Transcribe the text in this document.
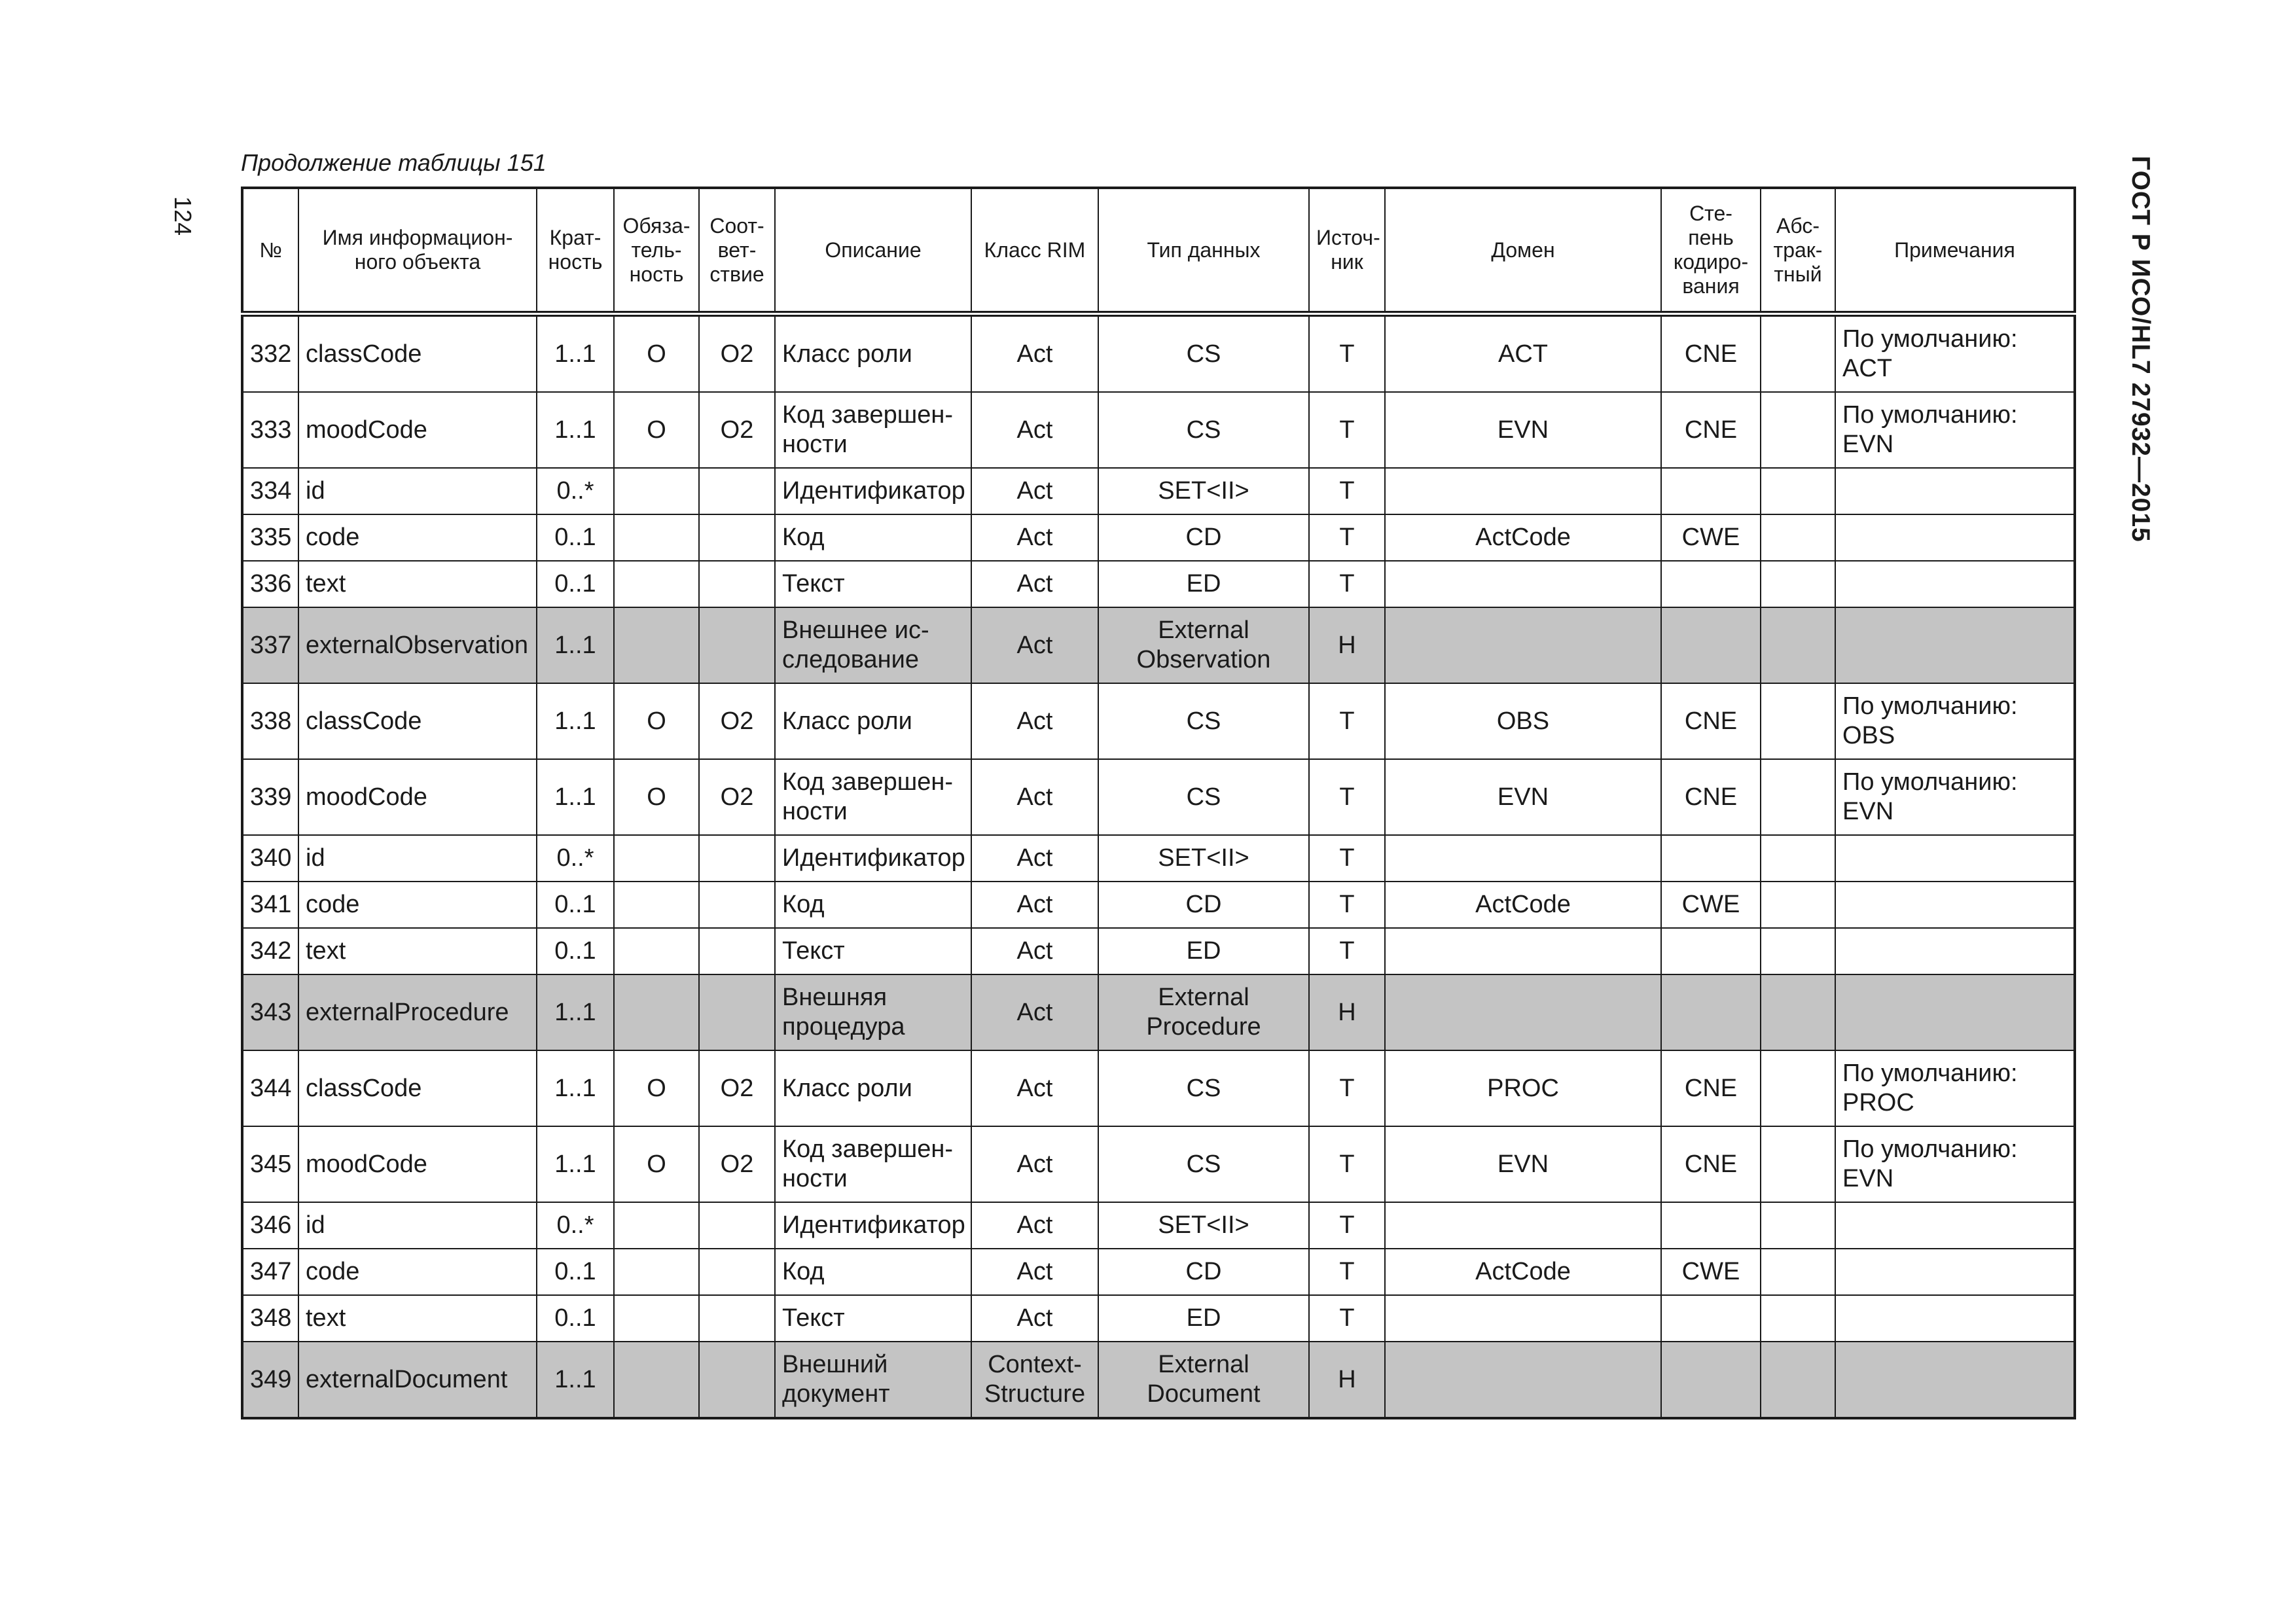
124
Продолжение таблицы 151	ГОСТ Р ИСО/HL7 27932—2015
№	Имя информацион-ного объекта	Крат-ность	Обяза-тель-ность	Соот-вет-ствие	Описание	Класс RIM	Тип данных	Источ-ник	Домен	Сте-пень кодиро-вания	Абс-трак-тный	Примечания
332	classCode	1..1	O	O2	Класс роли	Act	CS	T	ACT	CNE		По умолчанию: ACT
333	moodCode	1..1	O	O2	Код завершен-ности	Act	CS	T	EVN	CNE		По умолчанию: EVN
334	id	0..*			Идентификатор	Act	SET<II>	T				
335	code	0..1			Код	Act	CD	T	ActCode	CWE		
336	text	0..1			Текст	Act	ED	T				
337	externalObservation	1..1			Внешнее ис-следование	Act	External Observation	H				
338	classCode	1..1	O	O2	Класс роли	Act	CS	T	OBS	CNE		По умолчанию: OBS
339	moodCode	1..1	O	O2	Код завершен-ности	Act	CS	T	EVN	CNE		По умолчанию: EVN
340	id	0..*			Идентификатор	Act	SET<II>	T				
341	code	0..1			Код	Act	CD	T	ActCode	CWE		
342	text	0..1			Текст	Act	ED	T				
343	externalProcedure	1..1			Внешняя процедура	Act	External Procedure	H				
344	classCode	1..1	O	O2	Класс роли	Act	CS	T	PROC	CNE		По умолчанию: PROC
345	moodCode	1..1	O	O2	Код завершен-ности	Act	CS	T	EVN	CNE		По умолчанию: EVN
346	id	0..*			Идентификатор	Act	SET<II>	T				
347	code	0..1			Код	Act	CD	T	ActCode	CWE		
348	text	0..1			Текст	Act	ED	T				
349	externalDocument	1..1			Внешний документ	Context-Structure	External Document	H				
